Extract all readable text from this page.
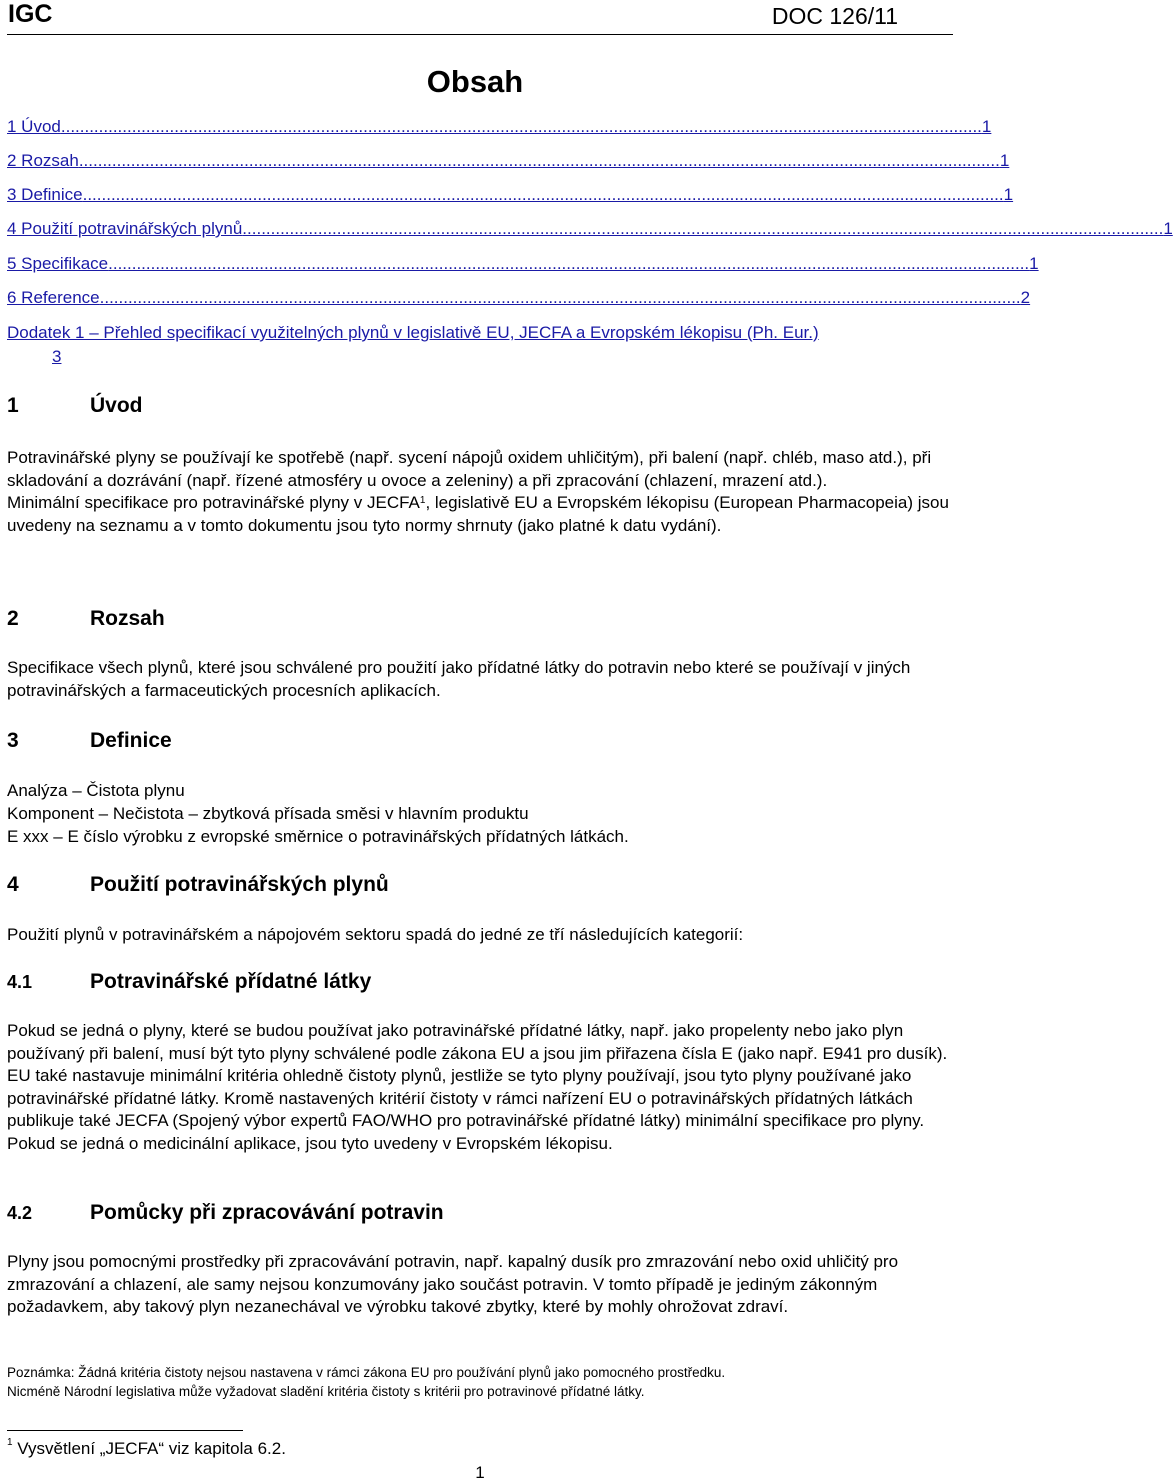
IGC	DOC 126/11
Obsah
1 Úvod ................................................................................................................................................................................................... 1
2 Rozsah ................................................................................................................................................................................................... 1
3 Definice ................................................................................................................................................................................................... 1
4 Použití potravinářských plynů ................................................................................................................................................................................................... 1
5 Specifikace ................................................................................................................................................................................................... 1
6 Reference ................................................................................................................................................................................................... 2
Dodatek 1 – Přehled specifikací využitelných plynů v legislativě EU, JECFA a Evropském lékopisu (Ph. Eur.)
3
1	Úvod

Potravinářské plyny se používají ke spotřebě (např. sycení nápojů oxidem uhličitým), při balení (např. chléb, maso atd.), při skladování a dozrávání (např. řízené atmosféry u ovoce a zeleniny) a při zpracování (chlazení, mrazení atd.).

Minimální specifikace pro potravinářské plyny v JECFA$^1$, legislativě EU a Evropském lékopisu (European Pharmacopeia) jsou uvedeny na seznamu a v tomto dokumentu jsou tyto normy shrnuty (jako platné k datu vydání).

2	Rozsah

Specifikace všech plynů, které jsou schválené pro použití jako přídatné látky do potravin nebo které se používají v jiných potravinářských a farmaceutických procesních aplikacích.

3	Definice
Analýza – Čistota plynu
Komponent – Nečistota – zbytková přísada směsi v hlavním produktu
E xxx – E číslo výrobku z evropské směrnice o potravinářských přídatných látkách.
4	Použití potravinářských plynů

Použití plynů v potravinářském a nápojovém sektoru spadá do jedné ze tří následujících kategorií:

4.1	Potravinářské přídatné látky

Pokud se jedná o plyny, které se budou používat jako potravinářské přídatné látky, např. jako propelenty nebo jako plyn používaný při balení, musí být tyto plyny schválené podle zákona EU a jsou jim přiřazena čísla E (jako např. E941 pro dusík). EU také nastavuje minimální kritéria ohledně čistoty plynů, jestliže se tyto plyny používají, jsou tyto plyny používané jako potravinářské přídatné látky. Kromě nastavených kritérií čistoty v rámci nařízení EU o potravinářských přídatných látkách publikuje také JECFA (Spojený výbor expertů FAO/WHO pro potravinářské přídatné látky) minimální specifikace pro plyny. Pokud se jedná o medicinální aplikace, jsou tyto uvedeny v Evropském lékopisu.

4.2	Pomůcky při zpracovávání potravin

Plyny jsou pomocnými prostředky při zpracovávání potravin, např. kapalný dusík pro zmrazování nebo oxid uhličitý pro zmrazování a chlazení, ale samy nejsou konzumovány jako součást potravin. V tomto případě je jediným zákonným požadavkem, aby takový plyn nezanechával ve výrobku takové zbytky, které by mohly ohrožovat zdraví.

Poznámka: Žádná kritéria čistoty nejsou nastavena v rámci zákona EU pro používání plynů jako pomocného prostředku.
Nicméně Národní legislativa může vyžadovat sladění kritéria čistoty s kritérii pro potravinové přídatné látky.
$^1$ Vysvětlení „JECFA“ viz kapitola 6.2.
1
